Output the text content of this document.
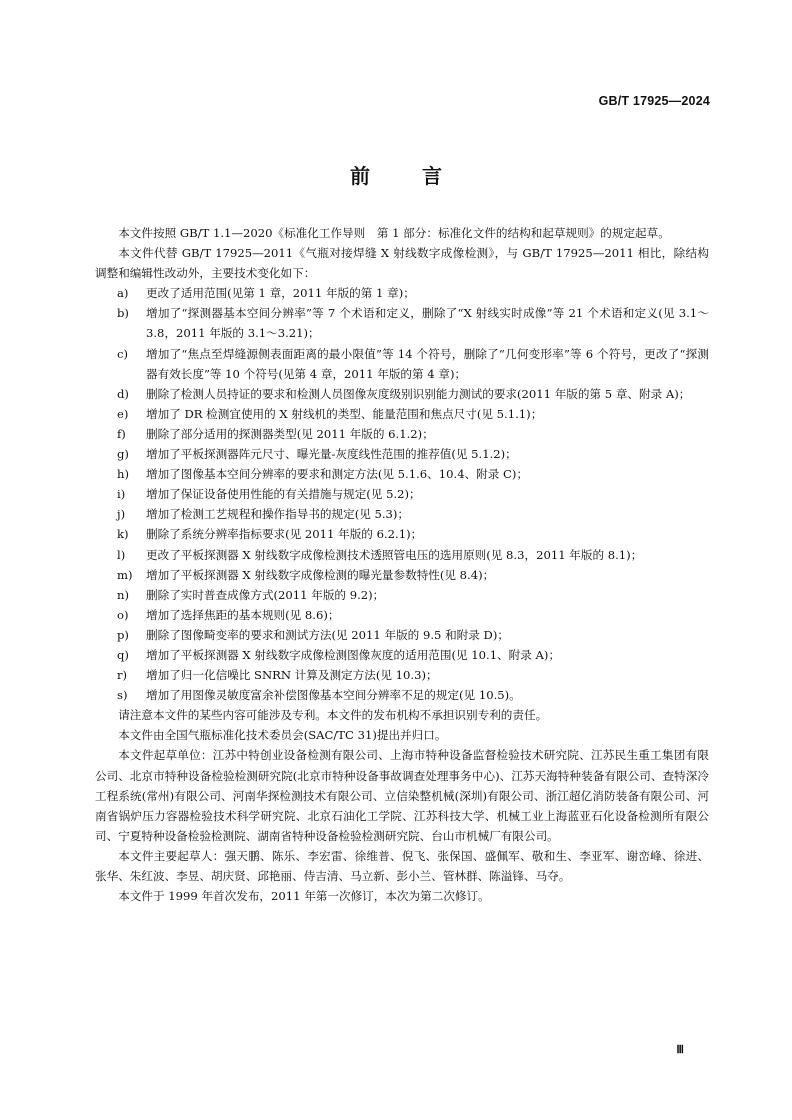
GB/T 17925—2024
前	言

本文件按照 GB/T 1.1—2020《标准化工作导则　第 1 部分：标准化文件的结构和起草规则》的规定起草。

本文件代替 GB/T 17925—2011《气瓶对接焊缝 X 射线数字成像检测》，与 GB/T 17925—2011 相比，除结构调整和编辑性改动外，主要技术变化如下：

a)	更改了适用范围(见第 1 章，2011 年版的第 1 章)；
b)	增加了“探测器基本空间分辨率”等 7 个术语和定义，删除了“X 射线实时成像”等 21 个术语和定义(见 3.1～3.8，2011 年版的 3.1～3.21)；
c)	增加了“焦点至焊缝源侧表面距离的最小限值”等 14 个符号，删除了“几何变形率”等 6 个符号，更改了“探测器有效长度”等 10 个符号(见第 4 章，2011 年版的第 4 章)；
d)	删除了检测人员持证的要求和检测人员图像灰度级别识别能力测试的要求(2011 年版的第 5 章、附录 A)；
e)	增加了 DR 检测宜使用的 X 射线机的类型、能量范围和焦点尺寸(见 5.1.1)；
f)	删除了部分适用的探测器类型(见 2011 年版的 6.1.2)；
g)	增加了平板探测器阵元尺寸、曝光量-灰度线性范围的推荐值(见 5.1.2)；
h)	增加了图像基本空间分辨率的要求和测定方法(见 5.1.6、10.4、附录 C)；
i)	增加了保证设备使用性能的有关措施与规定(见 5.2)；
j)	增加了检测工艺规程和操作指导书的规定(见 5.3)；
k)	删除了系统分辨率指标要求(见 2011 年版的 6.2.1)；
l)	更改了平板探测器 X 射线数字成像检测技术透照管电压的选用原则(见 8.3，2011 年版的 8.1)；
m)	增加了平板探测器 X 射线数字成像检测的曝光量参数特性(见 8.4)；
n)	删除了实时普查成像方式(2011 年版的 9.2)；
o)	增加了选择焦距的基本规则(见 8.6)；
p)	删除了图像畸变率的要求和测试方法(见 2011 年版的 9.5 和附录 D)；
q)	增加了平板探测器 X 射线数字成像检测图像灰度的适用范围(见 10.1、附录 A)；
r)	增加了归一化信噪比 SNRN 计算及测定方法(见 10.3)；
s)	增加了用图像灵敏度富余补偿图像基本空间分辨率不足的规定(见 10.5)。

请注意本文件的某些内容可能涉及专利。本文件的发布机构不承担识别专利的责任。

本文件由全国气瓶标准化技术委员会(SAC/TC 31)提出并归口。

本文件起草单位：江苏中特创业设备检测有限公司、上海市特种设备监督检验技术研究院、江苏民生重工集团有限公司、北京市特种设备检验检测研究院(北京市特种设备事故调查处理事务中心)、江苏天海特种装备有限公司、查特深冷工程系统(常州)有限公司、河南华探检测技术有限公司、立信染整机械(深圳)有限公司、浙江超亿消防装备有限公司、河南省锅炉压力容器检验技术科学研究院、北京石油化工学院、江苏科技大学、机械工业上海蓝亚石化设备检测所有限公司、宁夏特种设备检验检测院、湖南省特种设备检验检测研究院、台山市机械厂有限公司。

本文件主要起草人：强天鹏、陈乐、李宏雷、徐维普、倪飞、张保国、盛佩军、敬和生、李亚军、谢峦峰、徐进、张华、朱红波、李昱、胡庆贤、邱艳丽、侍吉清、马立新、彭小兰、管林群、陈溢锋、马夺。

本文件于 1999 年首次发布，2011 年第一次修订，本次为第二次修订。

Ⅲ
